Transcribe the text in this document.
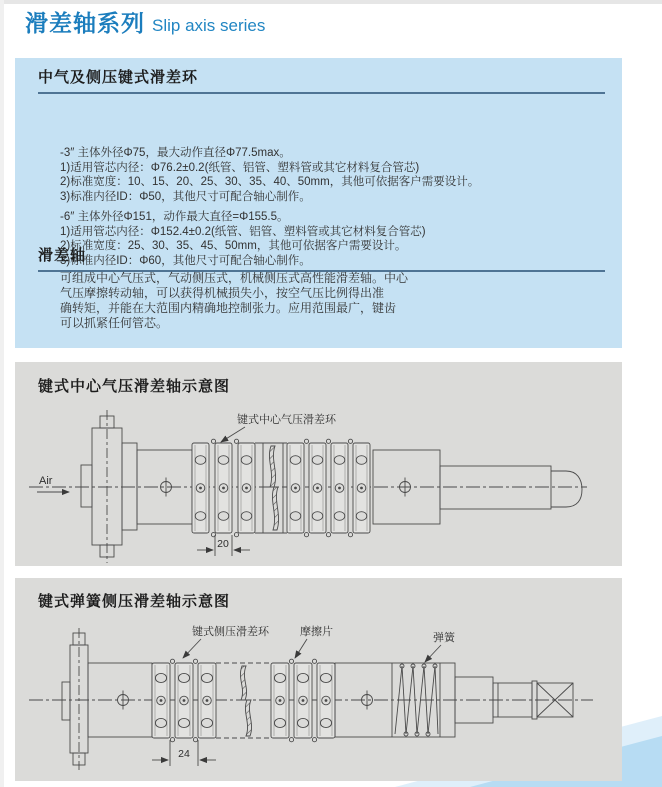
滑差轴系列 Slip axis series
中气及侧压键式滑差环
-3″ 主体外径Φ75，最大动作直径Φ77.5max。
1)适用管芯内径：Φ76.2±0.2(纸管、铝管、塑料管或其它材料复合管芯)
2)标准宽度：10、15、20、25、30、35、40、50mm，其他可依据客户需要设计。
3)标准内径ID：Φ50，其他尺寸可配合轴心制作。
-6″ 主体外径Φ151，动作最大直径=Φ155.5。
1)适用管芯内径：Φ152.4±0.2(纸管、铝管、塑料管或其它材料复合管芯)
2)标准宽度：25、30、35、45、50mm，其他可依据客户需要设计。
3)标准内径ID：Φ60，其他尺寸可配合轴心制作。
滑差轴
可组成中心气压式，气动侧压式，机械侧压式高性能滑差轴。中心
气压摩擦转动轴，可以获得机械损失小，按空气压比例得出准
确转矩，并能在大范围内精确地控制张力。应用范围最广，键齿
可以抓紧任何管芯。
键式中心气压滑差轴示意图
Air
20
键式中心气压滑差环
键式弹簧侧压滑差轴示意图
键式侧压滑差环	摩擦片	弹簧
24
